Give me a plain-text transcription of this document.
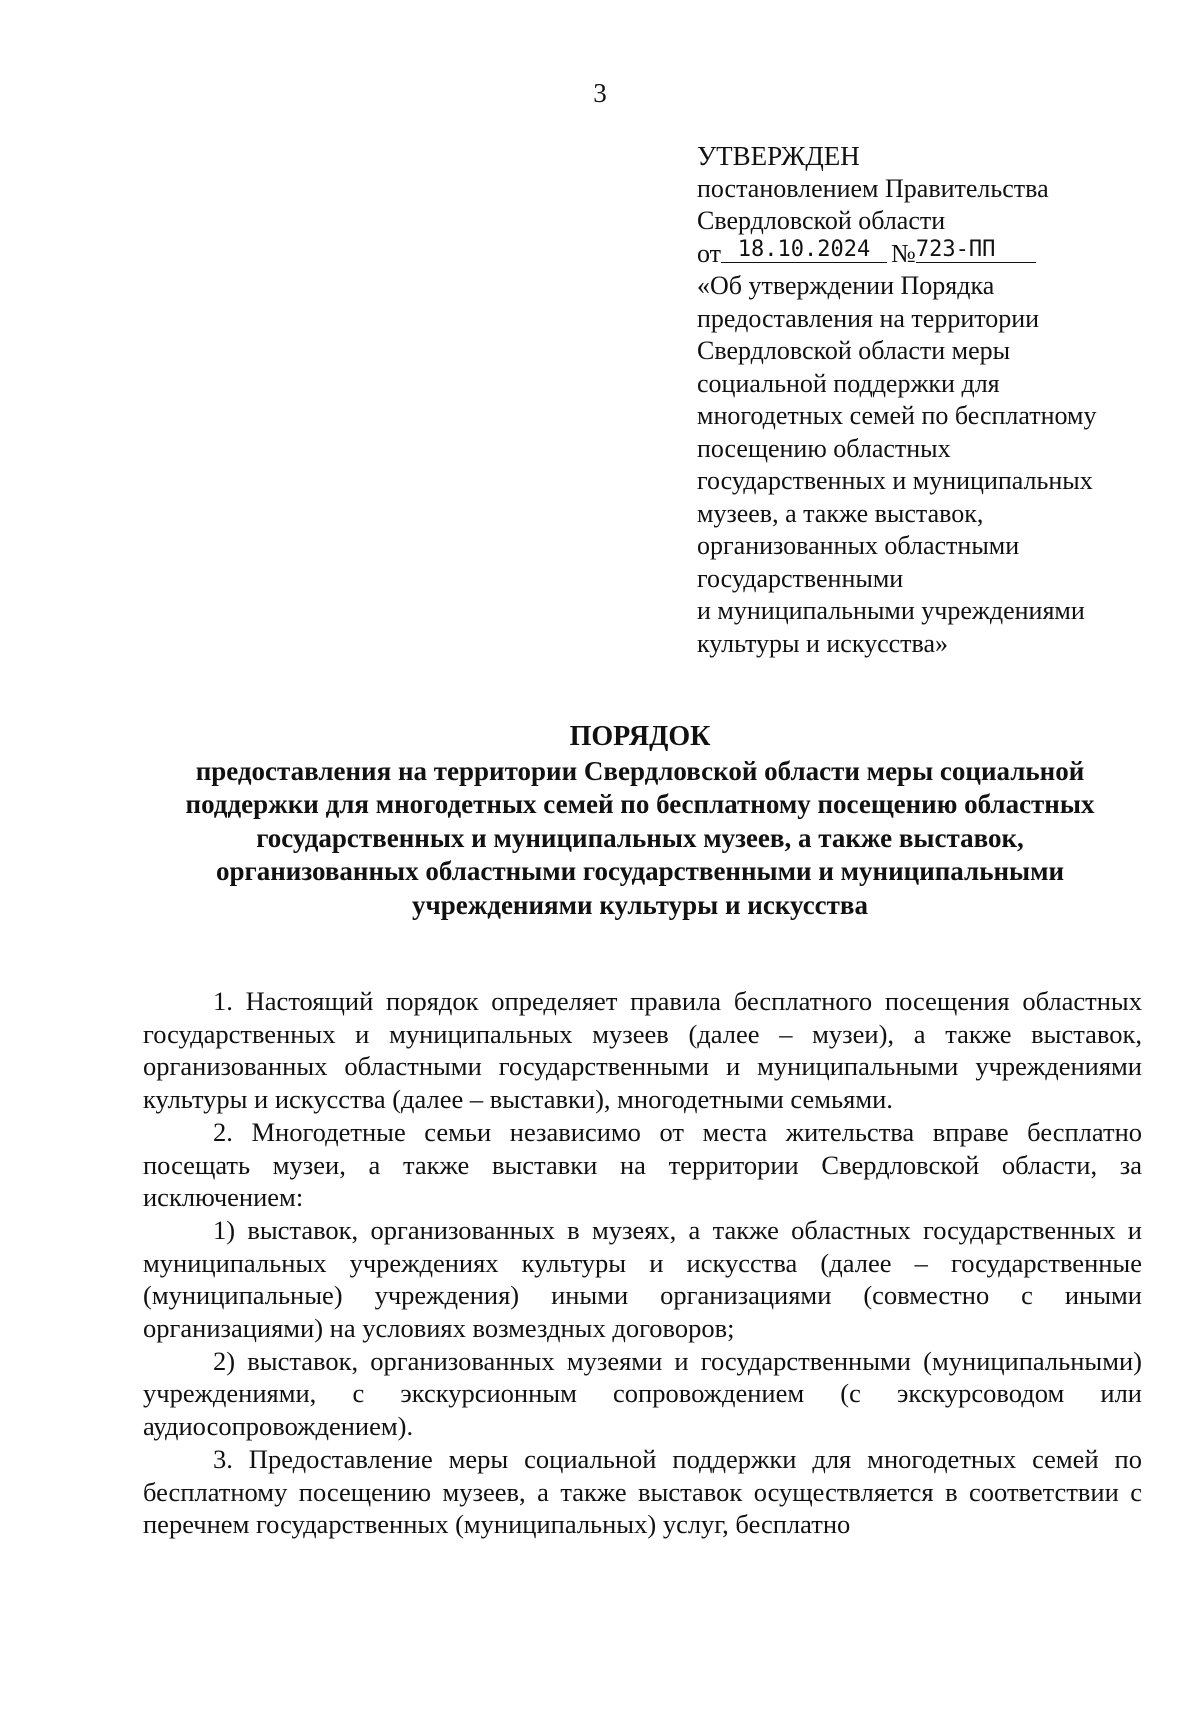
3
УТВЕРЖДЕН
постановлением Правительства
Свердловской области
от 18.10.2024 №723-ПП
«Об утверждении Порядка
предоставления на территории
Свердловской области меры
социальной поддержки для
многодетных семей по бесплатному
посещению областных
государственных и муниципальных
музеев, а также выставок,
организованных областными
государственными
и муниципальными учреждениями
культуры и искусства»
ПОРЯДОК
предоставления на территории Свердловской области меры социальной
поддержки для многодетных семей по бесплатному посещению областных
государственных и муниципальных музеев, а также выставок,
организованных областными государственными и муниципальными
учреждениями культуры и искусства

1. Настоящий порядок определяет правила бесплатного посещения областных государственных и муниципальных музеев (далее – музеи), а также выставок, организованных областными государственными и муниципальными учреждениями культуры и искусства (далее – выставки), многодетными семьями.

2. Многодетные семьи независимо от места жительства вправе бесплатно посещать музеи, а также выставки на территории Свердловской области, за исключением:

1) выставок, организованных в музеях, а также областных государственных и муниципальных учреждениях культуры и искусства (далее – государственные (муниципальные) учреждения) иными организациями (совместно с иными организациями) на условиях возмездных договоров;

2) выставок, организованных музеями и государственными (муниципальными) учреждениями, с экскурсионным сопровождением (с экскурсоводом или аудиосопровождением).

3. Предоставление меры социальной поддержки для многодетных семей по бесплатному посещению музеев, а также выставок осуществляется в соответствии с перечнем государственных (муниципальных) услуг, бесплатно
